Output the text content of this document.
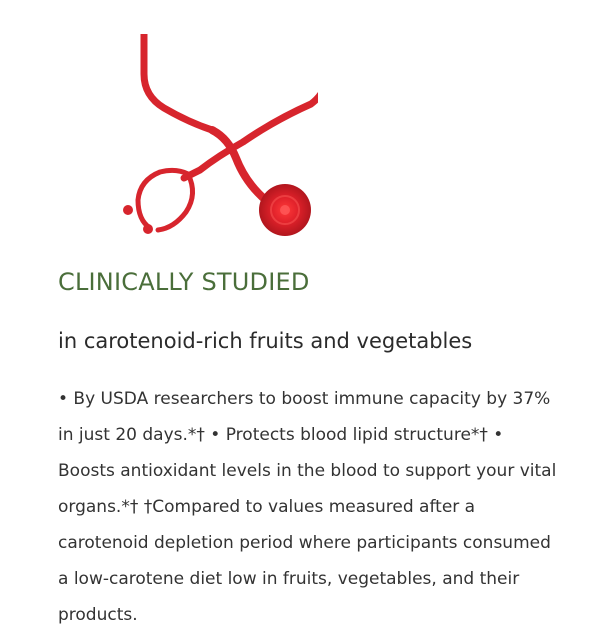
CLINICALLY STUDIED
in carotenoid-rich fruits and vegetables

• By USDA researchers to boost immune capacity by 37% in just 20 days.*† • Protects blood lipid structure*† • Boosts antioxidant levels in the blood to support your vital organs.*† †Compared to values measured after a carotenoid depletion period where participants consumed a low-carotene diet low in fruits, vegetables, and their products.
